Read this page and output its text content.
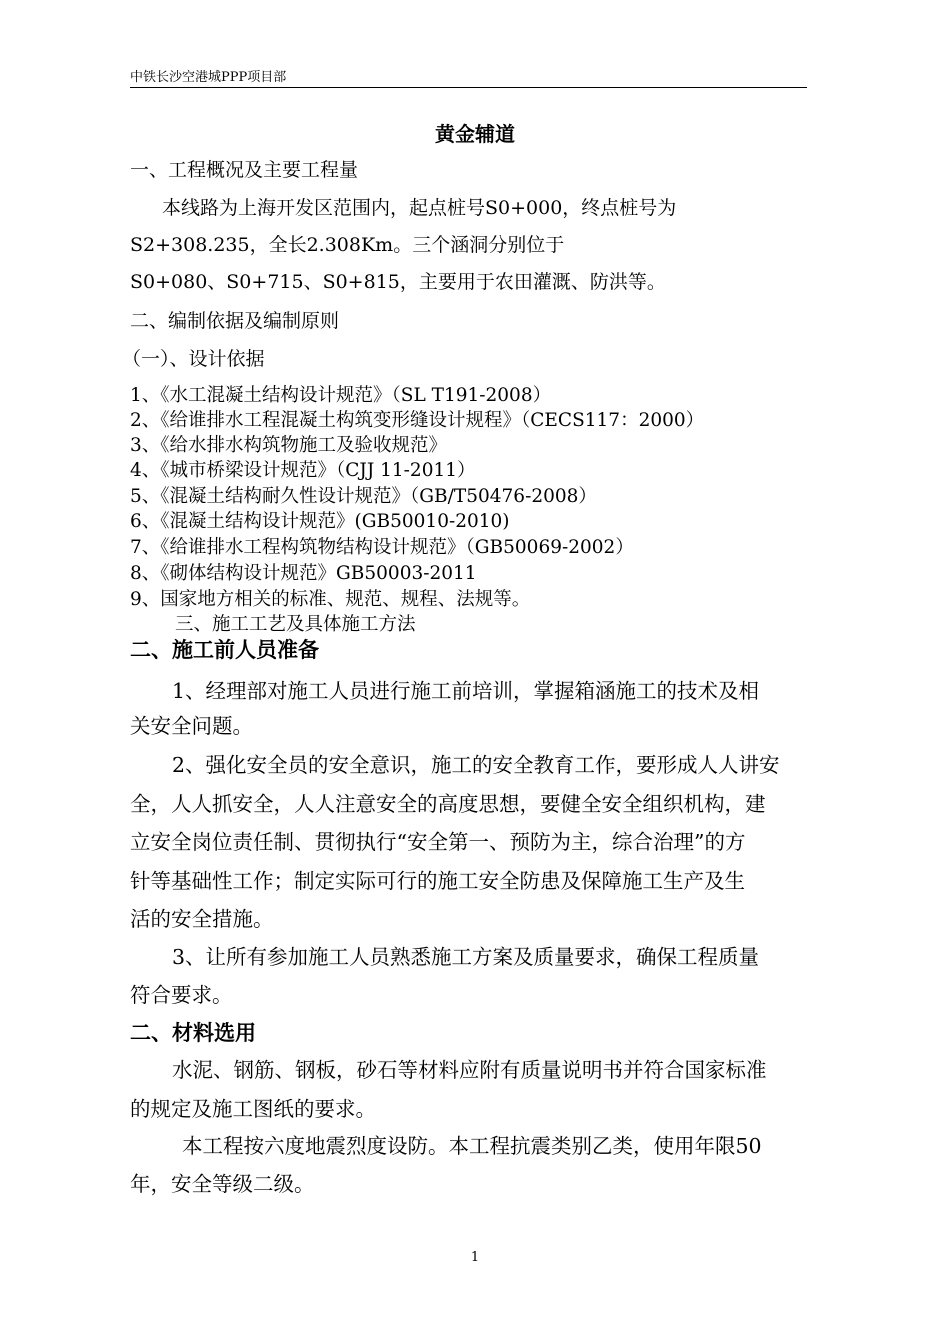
中铁长沙空港城PPP项目部
黄金辅道
一、工程概况及主要工程量
本线路为上海开发区范围内，起点桩号S0+000，终点桩号为
S2+308.235，全长2.308Km。三个涵洞分别位于
S0+080、S0+715、S0+815，主要用于农田灌溉、防洪等。
二、编制依据及编制原则
（一）、设计依据
1、《水工混凝土结构设计规范》（SL T191-2008）
2、《给谁排水工程混凝土构筑变形缝设计规程》（CECS117：2000）
3、《给水排水构筑物施工及验收规范》
4、《城市桥梁设计规范》（CJJ 11-2011）
5、《混凝土结构耐久性设计规范》（GB/T50476-2008）
6、《混凝土结构设计规范》(GB50010-2010)
7、《给谁排水工程构筑物结构设计规范》（GB50069-2002）
8、《砌体结构设计规范》GB50003-2011
9、国家地方相关的标准、规范、规程、法规等。
三、施工工艺及具体施工方法
二、施工前人员准备
1、经理部对施工人员进行施工前培训，掌握箱涵施工的技术及相
关安全问题。
2、强化安全员的安全意识，施工的安全教育工作，要形成人人讲安
全，人人抓安全，人人注意安全的高度思想，要健全安全组织机构，建
立安全岗位责任制、贯彻执行“安全第一、预防为主，综合治理”的方
针等基础性工作；制定实际可行的施工安全防患及保障施工生产及生
活的安全措施。
3、让所有参加施工人员熟悉施工方案及质量要求，确保工程质量
符合要求。
二、材料选用
水泥、钢筋、钢板，砂石等材料应附有质量说明书并符合国家标准
的规定及施工图纸的要求。
本工程按六度地震烈度设防。本工程抗震类别乙类，使用年限50
年，安全等级二级。
1
